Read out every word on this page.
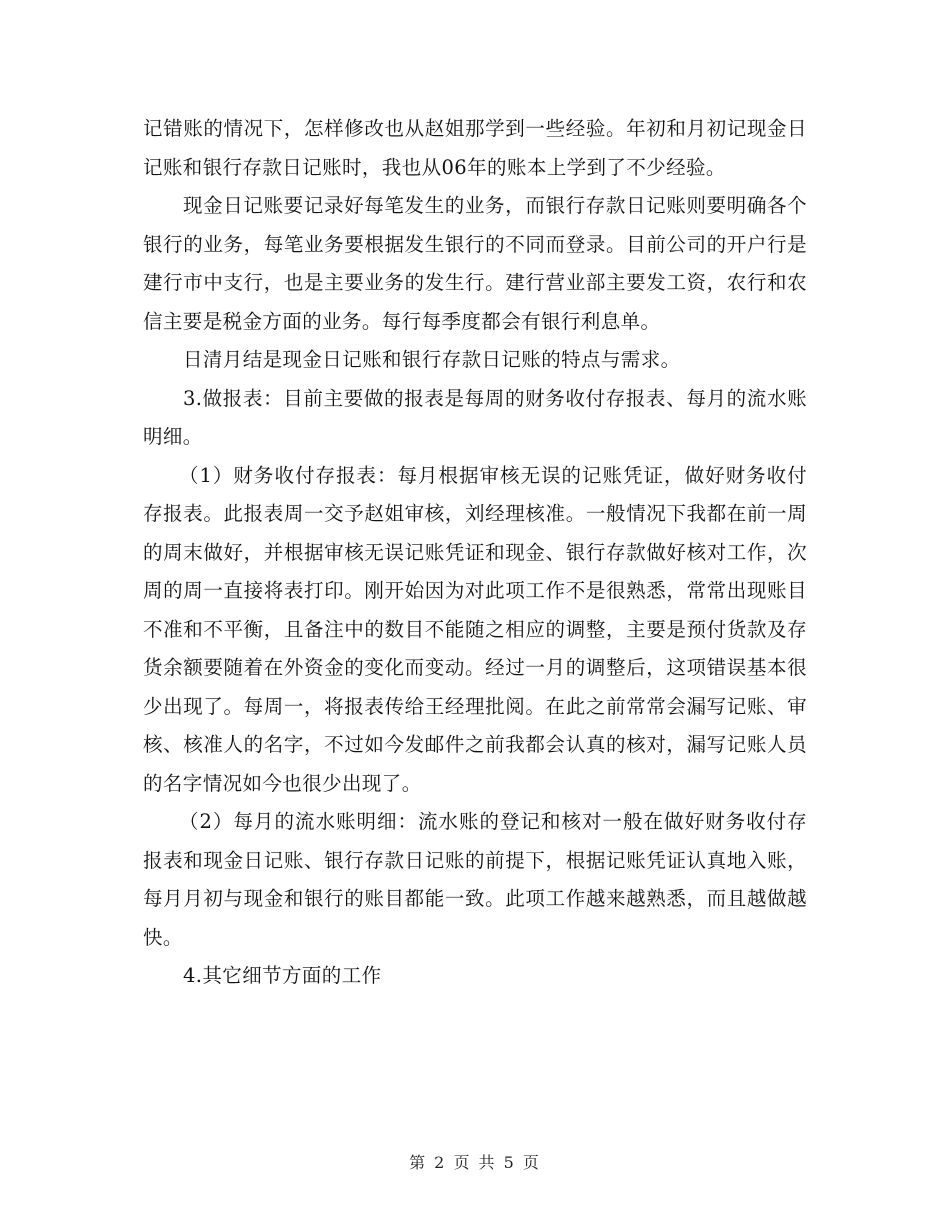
记错账的情况下，怎样修改也从赵姐那学到一些经验。年初和月初记现金日记账和银行存款日记账时，我也从06年的账本上学到了不少经验。

现金日记账要记录好每笔发生的业务，而银行存款日记账则要明确各个银行的业务，每笔业务要根据发生银行的不同而登录。目前公司的开户行是建行市中支行，也是主要业务的发生行。建行营业部主要发工资，农行和农信主要是税金方面的业务。每行每季度都会有银行利息单。

日清月结是现金日记账和银行存款日记账的特点与需求。

3.做报表：目前主要做的报表是每周的财务收付存报表、每月的流水账明细。

（1）财务收付存报表：每月根据审核无误的记账凭证，做好财务收付存报表。此报表周一交予赵姐审核，刘经理核准。一般情况下我都在前一周的周末做好，并根据审核无误记账凭证和现金、银行存款做好核对工作，次周的周一直接将表打印。刚开始因为对此项工作不是很熟悉，常常出现账目不准和不平衡，且备注中的数目不能随之相应的调整，主要是预付货款及存货余额要随着在外资金的变化而变动。经过一月的调整后，这项错误基本很少出现了。每周一，将报表传给王经理批阅。在此之前常常会漏写记账、审核、核准人的名字，不过如今发邮件之前我都会认真的核对，漏写记账人员的名字情况如今也很少出现了。

（2）每月的流水账明细：流水账的登记和核对一般在做好财务收付存报表和现金日记账、银行存款日记账的前提下，根据记账凭证认真地入账，每月月初与现金和银行的账目都能一致。此项工作越来越熟悉，而且越做越快。

4.其它细节方面的工作

第 2 页 共 5 页
